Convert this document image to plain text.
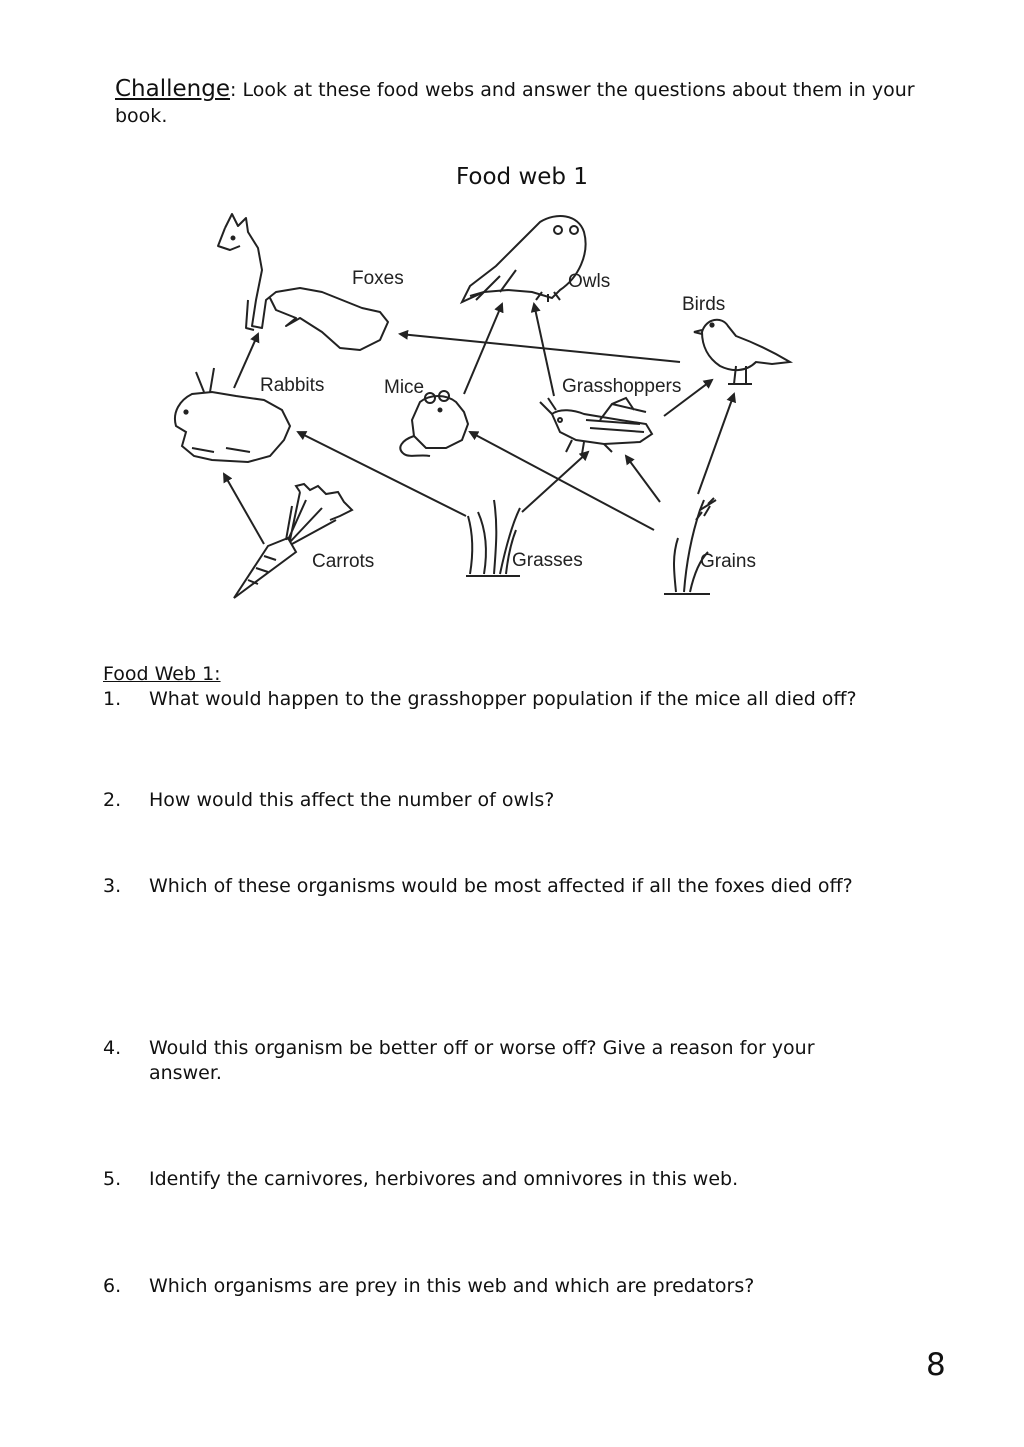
Challenge: Look at these food webs and answer the questions about them in your book.
Food web 1
Foxes	Owls
Birds
Rabbits	Mice	Grasshoppers
Carrots	Grasses	Grains
Food Web 1:
1.	What would happen to the grasshopper population if the mice all died off?
2.	How would this affect the number of owls?
3.	Which of these organisms would be most affected if all the foxes died off?
4.	Would this organism be better off or worse off? Give a reason for your answer.
5.	Identify the carnivores, herbivores and omnivores in this web.
6.	Which organisms are prey in this web and which are predators?
8
